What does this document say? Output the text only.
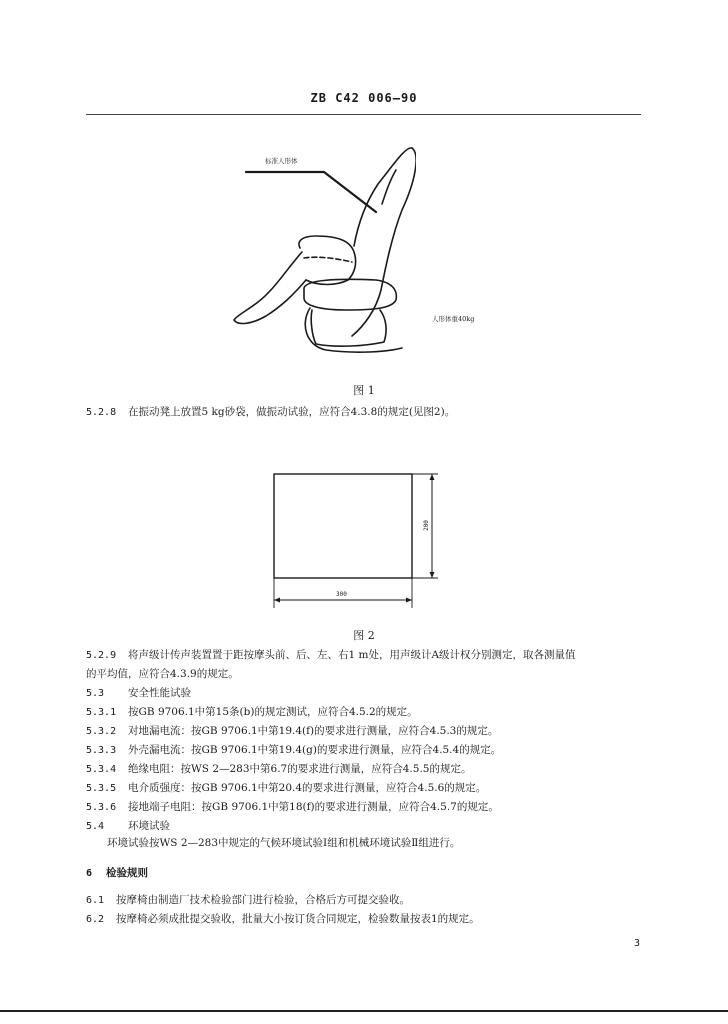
ZB C42 006—90
标准人形体
人形体重40kg
图 1
5.2.8 在振动凳上放置5 kg砂袋，做振动试验，应符合4.3.8的规定(见图2)。
200
300
图 2
5.2.9 将声级计传声装置置于距按摩头前、后、左、右1 m处，用声级计A级计权分别测定，取各测量值
的平均值，应符合4.3.9的规定。
5.3 安全性能试验
5.3.1 按GB 9706.1中第15条(b)的规定测试，应符合4.5.2的规定。
5.3.2 对地漏电流：按GB 9706.1中第19.4(f)的要求进行测量，应符合4.5.3的规定。
5.3.3 外壳漏电流：按GB 9706.1中第19.4(g)的要求进行测量，应符合4.5.4的规定。
5.3.4 绝缘电阻：按WS 2—283中第6.7的要求进行测量，应符合4.5.5的规定。
5.3.5 电介质强度：按GB 9706.1中第20.4的要求进行测量，应符合4.5.6的规定。
5.3.6 接地端子电阻：按GB 9706.1中第18(f)的要求进行测量，应符合4.5.7的规定。
5.4 环境试验
环境试验按WS 2—283中规定的气候环境试验Ⅰ组和机械环境试验Ⅱ组进行。
6 检验规则
6.1 按摩椅由制造厂技术检验部门进行检验，合格后方可提交验收。
6.2 按摩椅必须成批提交验收，批量大小按订货合同规定，检验数量按表1的规定。
3
